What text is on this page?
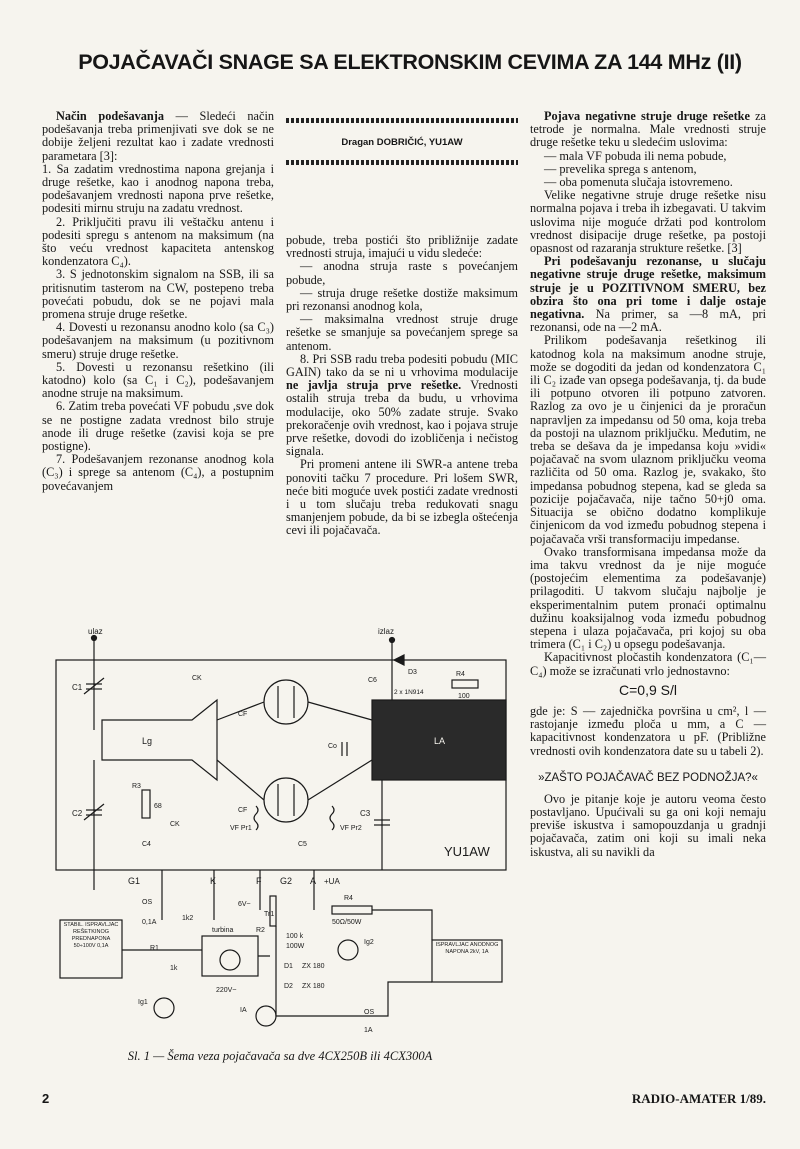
POJAČAVAČI SNAGE SA ELEKTRONSKIM CEVIMA ZA 144 MHz (II)

Način podešavanja — Sledeći način podešavanja treba primenjivati sve dok se ne dobije željeni rezultat kao i zadate vrednosti parametara [3]:

1. Sa zadatim vrednostima napona grejanja i druge rešetke, kao i anodnog napona treba, podešavanjem vrednosti napona prve rešetke, podesiti mirnu struju na zadatu vrednost.

2. Priključiti pravu ili veštačku antenu i podesiti spregu s antenom na maksimum (na što veću vrednost kapaciteta antenskog kondenzatora C₄).

3. S jednotonskim signalom na SSB, ili sa pritisnutim tasterom na CW, postepeno treba povećati pobudu, dok se ne pojavi mala promena struje druge rešetke.

4. Dovesti u rezonansu anodno kolo (sa C₃) podešavanjem na maksimum (u pozitivnom smeru) struje druge rešetke.

5. Dovesti u rezonansu rešetkino (ili katodno) kolo (sa C₁ i C₂), podešavanjem anodne struje na maksimum.

6. Zatim treba povećati VF pobudu ,sve dok se ne postigne zadata vrednost bilo struje anode ili druge rešetke (zavisi koja se pre postigne).

7. Podešavanjem rezonanse anodnog kola (C₃) i sprege sa antenom (C₄), a postupnim povećavanjem

Dragan DOBRIČIĆ, YU1AW

pobude, treba postići što približnije zadate vrednosti struja, imajući u vidu sledeće:

— anodna struja raste s povećanjem pobude,

— struja druge rešetke dostiže maksimum pri rezonansi anodnog kola,

— maksimalna vrednost struje druge rešetke se smanjuje sa povećanjem sprege sa antenom.

8. Pri SSB radu treba podesiti pobudu (MIC GAIN) tako da se ni u vrhovima modulacije ne javlja struja prve rešetke. Vrednosti ostalih struja treba da budu, u vrhovima modulacije, oko 50% zadate struje. Svako prekoračenje ovih vrednost, kao i pojava struje prve rešetke, dovodi do izobličenja i nečistog signala.

Pri promeni antene ili SWR-a antene treba ponoviti tačku 7 procedure. Pri lošem SWR, neće biti moguće uvek postići zadate vrednosti i u tom slučaju treba redukovati snagu smanjenjem pobude, da bi se izbegla oštećenja cevi ili pojačavača.

Pojava negativne struje druge rešetke za tetrode je normalna. Male vrednosti struje druge rešetke teku u sledećim uslovima:

— mala VF pobuda ili nema pobude,

— prevelika sprega s antenom,

— oba pomenuta slučaja istovremeno.

Velike negativne struje druge rešetke nisu normalna pojava i treba ih izbegavati. U takvim uslovima nije moguće držati pod kontrolom vrednost disipacije druge rešetke, pa postoji opasnost od razaranja strukture rešetke. [3]

Pri podešavanju rezonanse, u slučaju negativne struje druge rešetke, maksimum struje je u POZITIVNOM SMERU, bez obzira što ona pri tome i dalje ostaje negativna. Na primer, sa —8 mA, pri rezonansi, ode na —2 mA.

Prilikom podešavanja rešetkinog ili katodnog kola na maksimum anodne struje, može se dogoditi da jedan od kondenzatora C₁ ili C₂ izađe van opsega podešavanja, tj. da bude ili potpuno otvoren ili potpuno zatvoren. Razlog za ovo je u činjenici da je proračun napravljen za impedansu od 50 oma, koja treba da postoji na ulaznom priključku. Međutim, ne treba se dešava da je impedansa koju »vidi« pojačavač na svom ulaznom priključku veoma različita od 50 oma. Razlog je, svakako, što impedansa pobudnog stepena, kad se gleda sa pozicije pojačavača, nije tačno 50+j0 oma. Situacija se obično dodatno komplikuje činjenicom da vod između pobudnog stepena i pojačavača vrši transformaciju impedanse.

Ovako transformisana impedansa može da ima takvu vrednost da je nije moguće (postojećim elementima za podešavanje) prilagoditi. U takvom slučaju najbolje je eksperimentalnim putem pronaći optimalnu dužinu koaksijalnog voda između pobudnog stepena i ulaza pojačavača, pri kojoj su oba trimera (C₁ i C₂) u opsegu podešavanja.

Kapacitivnost pločastih kondenzatora (C₁—C₄) može se izračunati vrlo jednostavno:

C=0,9 S/l

gde je: S — zajednička površina u cm², l — rastojanje između ploča u mm, a C — kapacitivnost kondenzatora u pF. (Približne vrednosti ovih kondenzatora date su u tabeli 2).

»ZAŠTO POJAČAVAČ BEZ PODNOŽJA?«

Ovo je pitanje koje je autoru veoma često postavljano. Upućivali su ga oni koji nemaju previše iskustva i samopouzdanja u gradnji pojačavača, zatim oni koji su imali neka iskustva, ali su navikli da

ulaz	izlaz
Lg	LA
C1
C2
CK
CF
Co
CF
CK
R3
68
VF Pr1	VF Pr2
C3
C6
D3
2 x 1N914
R4
100
YU1AW
G1	K	F G2 A +UA
C4	C5
STABIL. ISPRAVLJAČ REŠETKINOG PREDNAPONA 50÷100V 0,1A
OS
0,1A
1k2
R1
1k
Ig1
6V~
Tr1
turbina
220V~
R2
100 k
100W
R4
50Ω/50W
Ig2
D1 ZX 180
D2 ZX 180
ISPRAVLJAČ ANODNOG NAPONA 2kV, 1A
IA	OS
1A
Sl. 1 — Šema veza pojačavača sa dve 4CX250B ili 4CX300A
2	RADIO-AMATER 1/89.
